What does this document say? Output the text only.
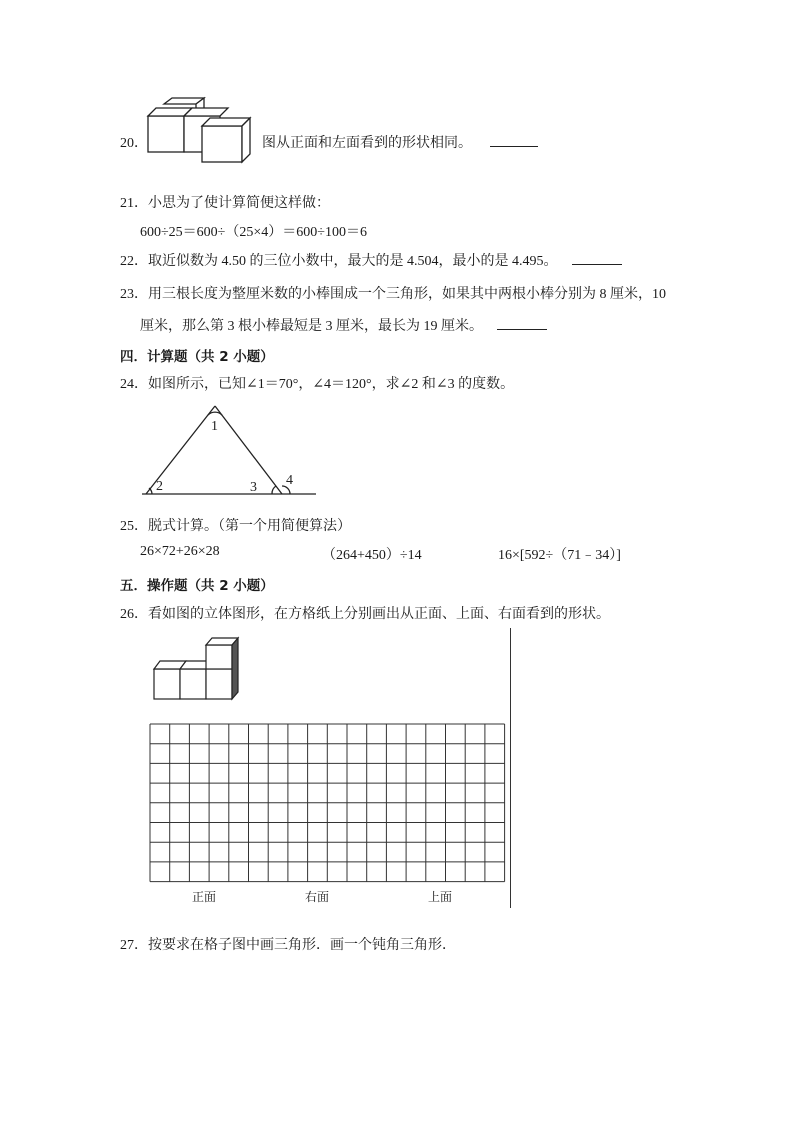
20．	图从正面和左面看到的形状相同。
21．小思为了使计算简便这样做：
600÷25＝600÷（25×4）＝600÷100＝6
22．取近似数为 4.50 的三位小数中，最大的是 4.504，最小的是 4.495。
23．用三根长度为整厘米数的小棒围成一个三角形，如果其中两根小棒分别为 8 厘米，10
厘米，那么第 3 根小棒最短是 3 厘米，最长为 19 厘米。
四．计算题（共 2 小题）
24．如图所示，已知∠1＝70°，∠4＝120°，求∠2 和∠3 的度数。
1
2	3 4
25．脱式计算。（第一个用简便算法）
26×72+26×28	（264+450）÷14	16×[592÷（71﹣34）]
五．操作题（共 2 小题）
26．看如图的立体图形，在方格纸上分别画出从正面、上面、右面看到的形状。
正面	右面	上面
27．按要求在格子图中画三角形．画一个钝角三角形．
